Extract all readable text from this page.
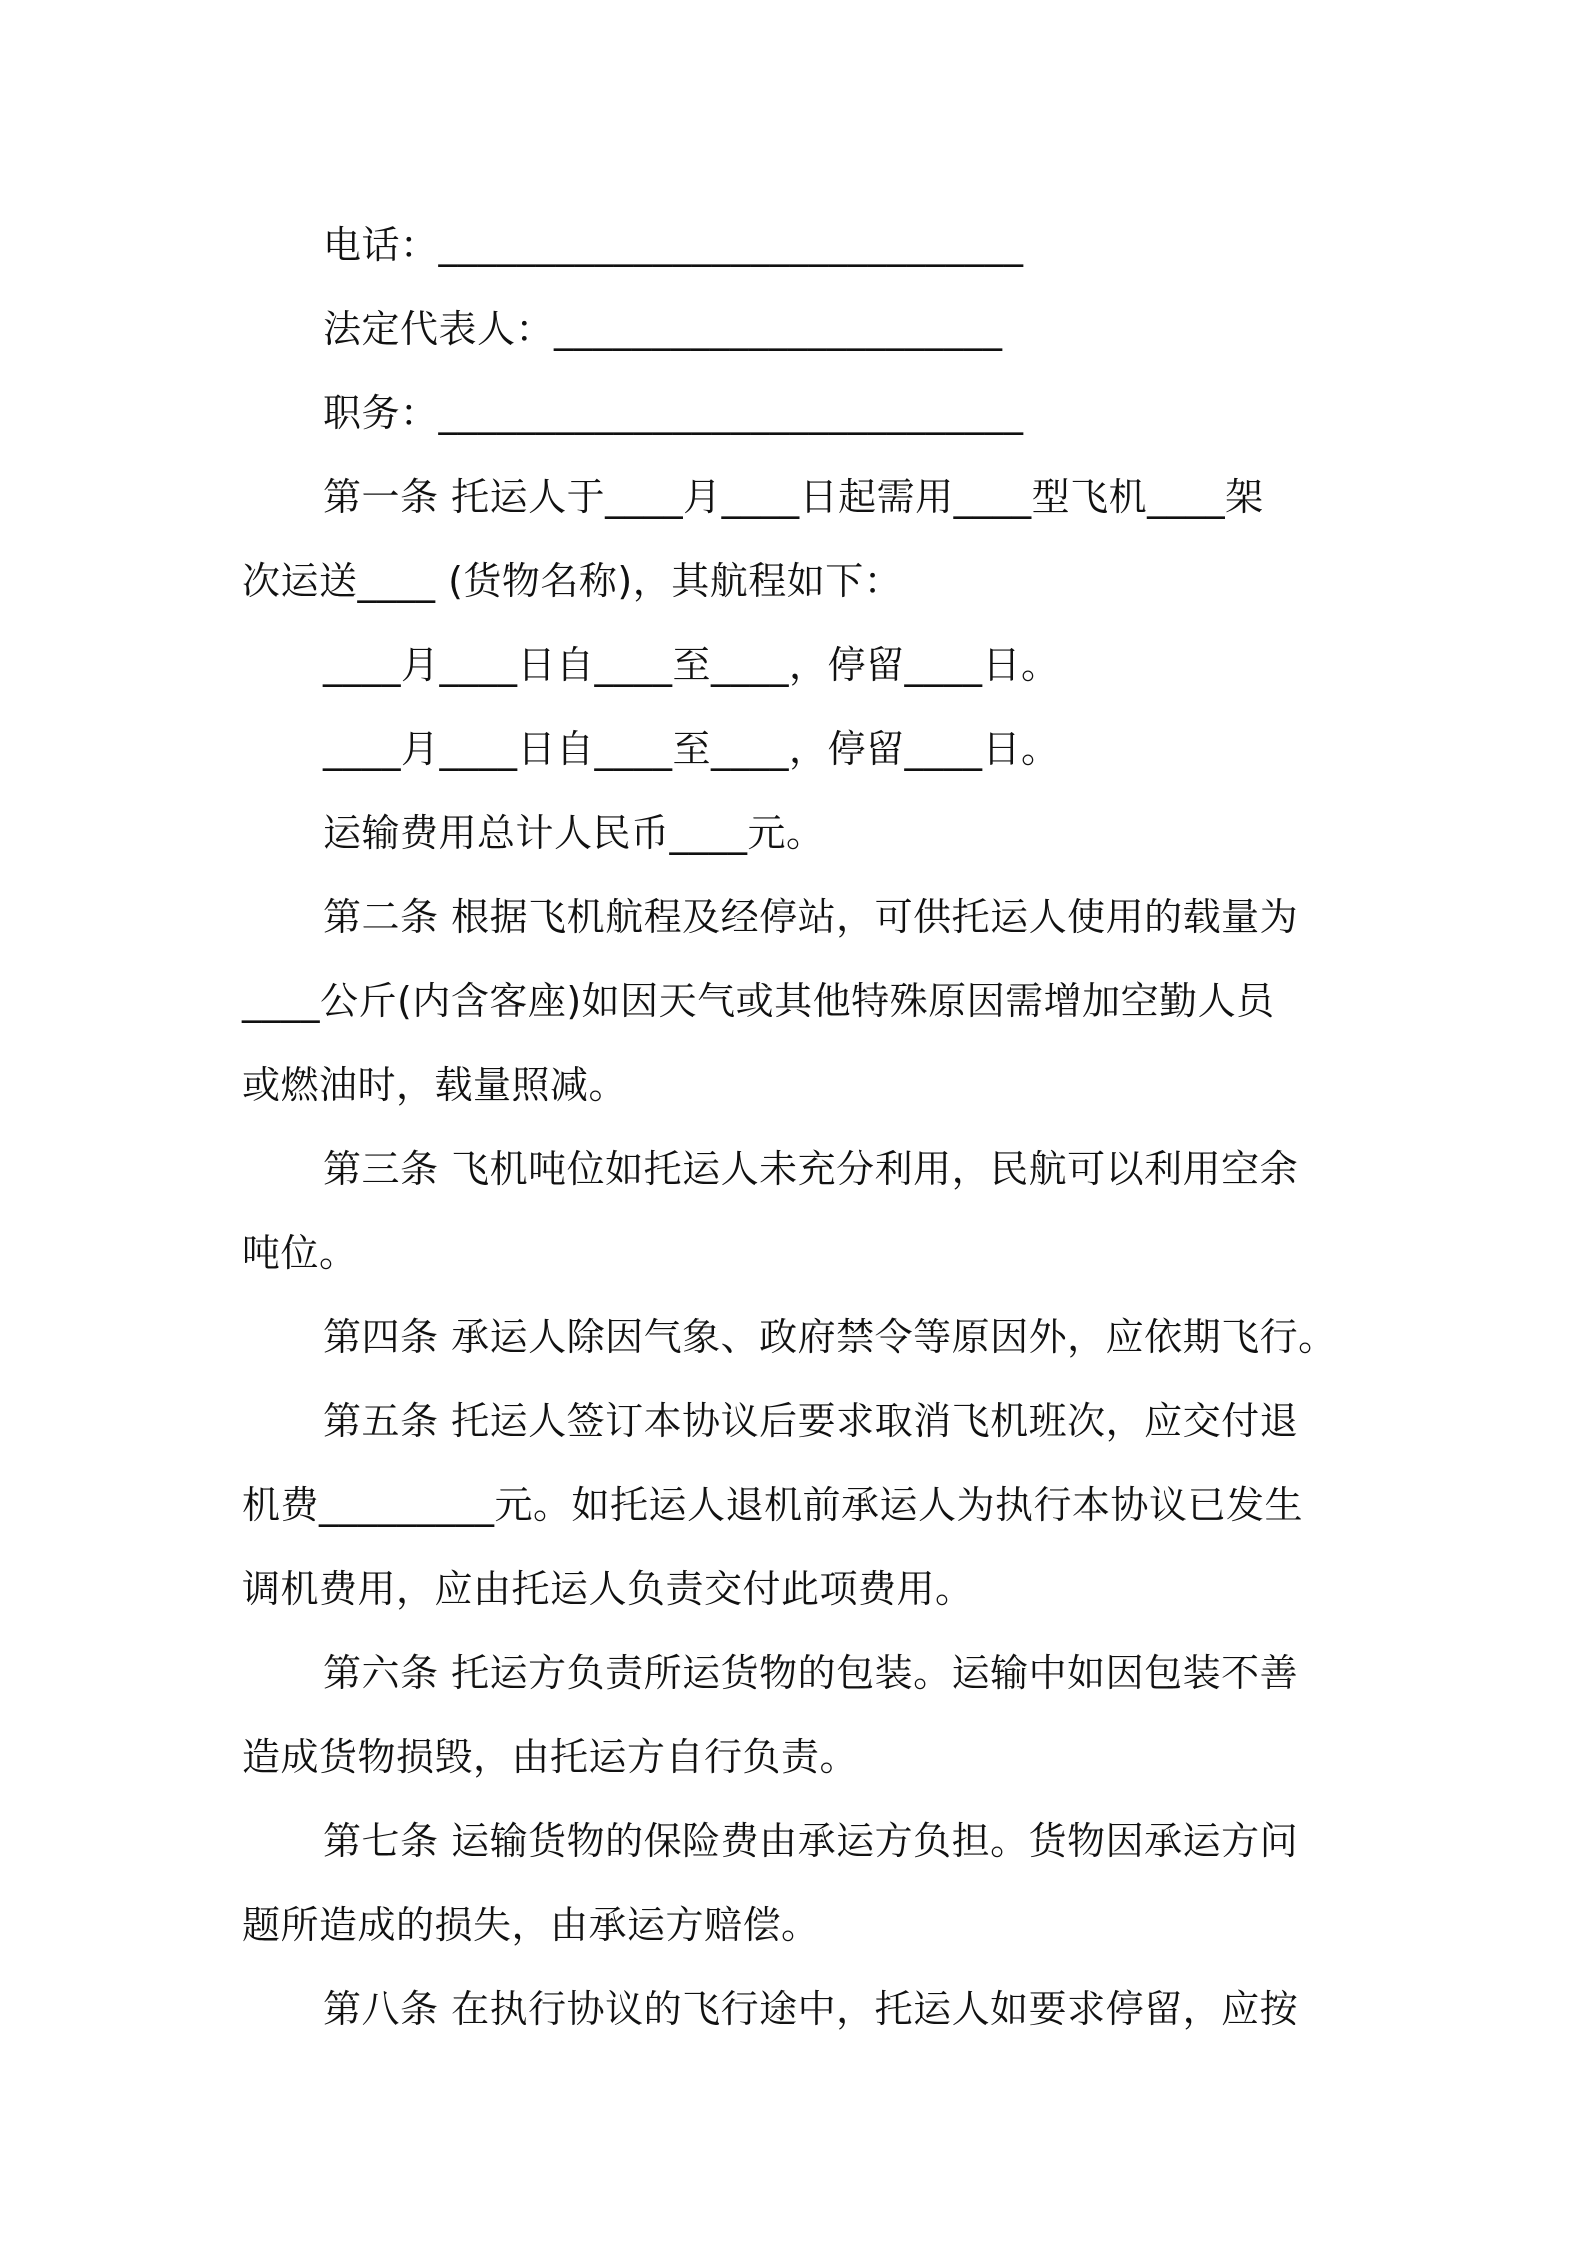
电话：______________________________
法定代表人：_______________________
职务：______________________________
第一条 托运人于____月____日起需用____型飞机____架
次运送____ (货物名称)，其航程如下：
____月____日自____至____，停留____日。
____月____日自____至____，停留____日。
运输费用总计人民币____元。
第二条 根据飞机航程及经停站，可供托运人使用的载量为
____公斤(内含客座)如因天气或其他特殊原因需增加空勤人员
或燃油时，载量照减。
第三条 飞机吨位如托运人未充分利用，民航可以利用空余
吨位。
第四条 承运人除因气象、政府禁令等原因外，应依期飞行。
第五条 托运人签订本协议后要求取消飞机班次，应交付退
机费_________元。如托运人退机前承运人为执行本协议已发生
调机费用，应由托运人负责交付此项费用。
第六条 托运方负责所运货物的包装。运输中如因包装不善
造成货物损毁，由托运方自行负责。
第七条 运输货物的保险费由承运方负担。货物因承运方问
题所造成的损失，由承运方赔偿。
第八条 在执行协议的飞行途中，托运人如要求停留，应按
